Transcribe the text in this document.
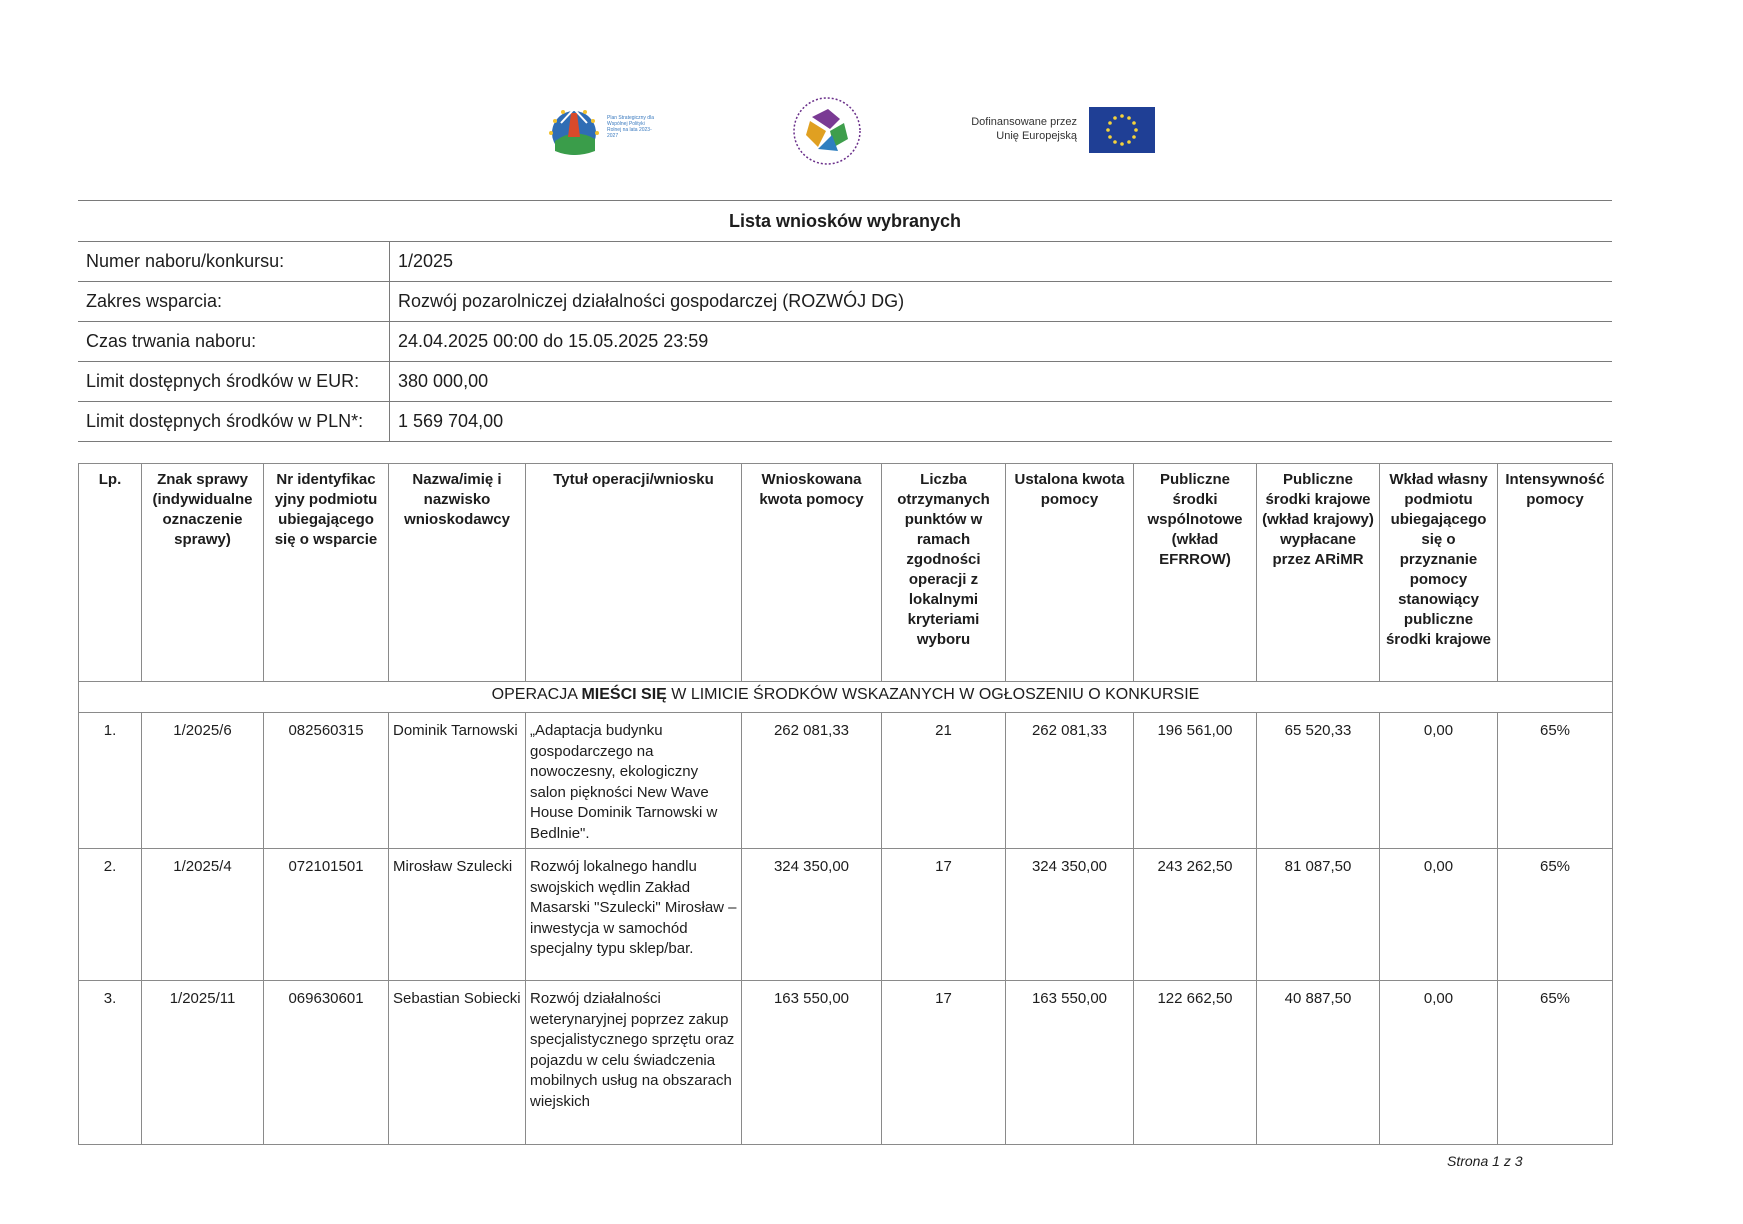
Plan Strategiczny dla Wspólnej Polityki Rolnej na lata 2023-2027
Dofinansowane przez
Unię Europejską
Lista wniosków wybranych	
Numer naboru/konkursu:	1/2025
Zakres wsparcia:	Rozwój pozarolniczej działalności gospodarczej (ROZWÓJ DG)
Czas trwania naboru:	24.04.2025 00:00 do 15.05.2025 23:59
Limit dostępnych środków w EUR:	380 000,00
Limit dostępnych środków w PLN*:	1 569 704,00
Lp.	Znak sprawy (indywidualne oznaczenie sprawy)	Nr identyfikac yjny podmiotu ubiegającego się o wsparcie	Nazwa/imię i nazwisko wnioskodawcy	Tytuł operacji/wniosku	Wnioskowana kwota pomocy	Liczba otrzymanych punktów w ramach zgodności operacji z lokalnymi kryteriami wyboru	Ustalona kwota pomocy	Publiczne środki wspólnotowe (wkład EFRROW)	Publiczne środki krajowe (wkład krajowy) wypłacane przez ARiMR	Wkład własny podmiotu ubiegającego się o przyznanie pomocy stanowiący publiczne środki krajowe	Intensywność pomocy
OPERACJA MIEŚCI SIĘ W LIMICIE ŚRODKÓW WSKAZANYCH W OGŁOSZENIU O KONKURSIE											
1.	1/2025/6	082560315	Dominik Tarnowski	„Adaptacja budynku gospodarczego na nowoczesny, ekologiczny salon piękności New Wave House Dominik Tarnowski w Bedlnie".	262 081,33	21	262 081,33	196 561,00	65 520,33	0,00	65%
2.	1/2025/4	072101501	Mirosław Szulecki	Rozwój lokalnego handlu swojskich wędlin Zakład Masarski "Szulecki" Mirosław – inwestycja w samochód specjalny typu sklep/bar.	324 350,00	17	324 350,00	243 262,50	81 087,50	0,00	65%
3.	1/2025/11	069630601	Sebastian Sobiecki	Rozwój działalności weterynaryjnej poprzez zakup specjalistycznego sprzętu oraz pojazdu w celu świadczenia mobilnych usług na obszarach wiejskich	163 550,00	17	163 550,00	122 662,50	40 887,50	0,00	65%
Strona 1 z 3
